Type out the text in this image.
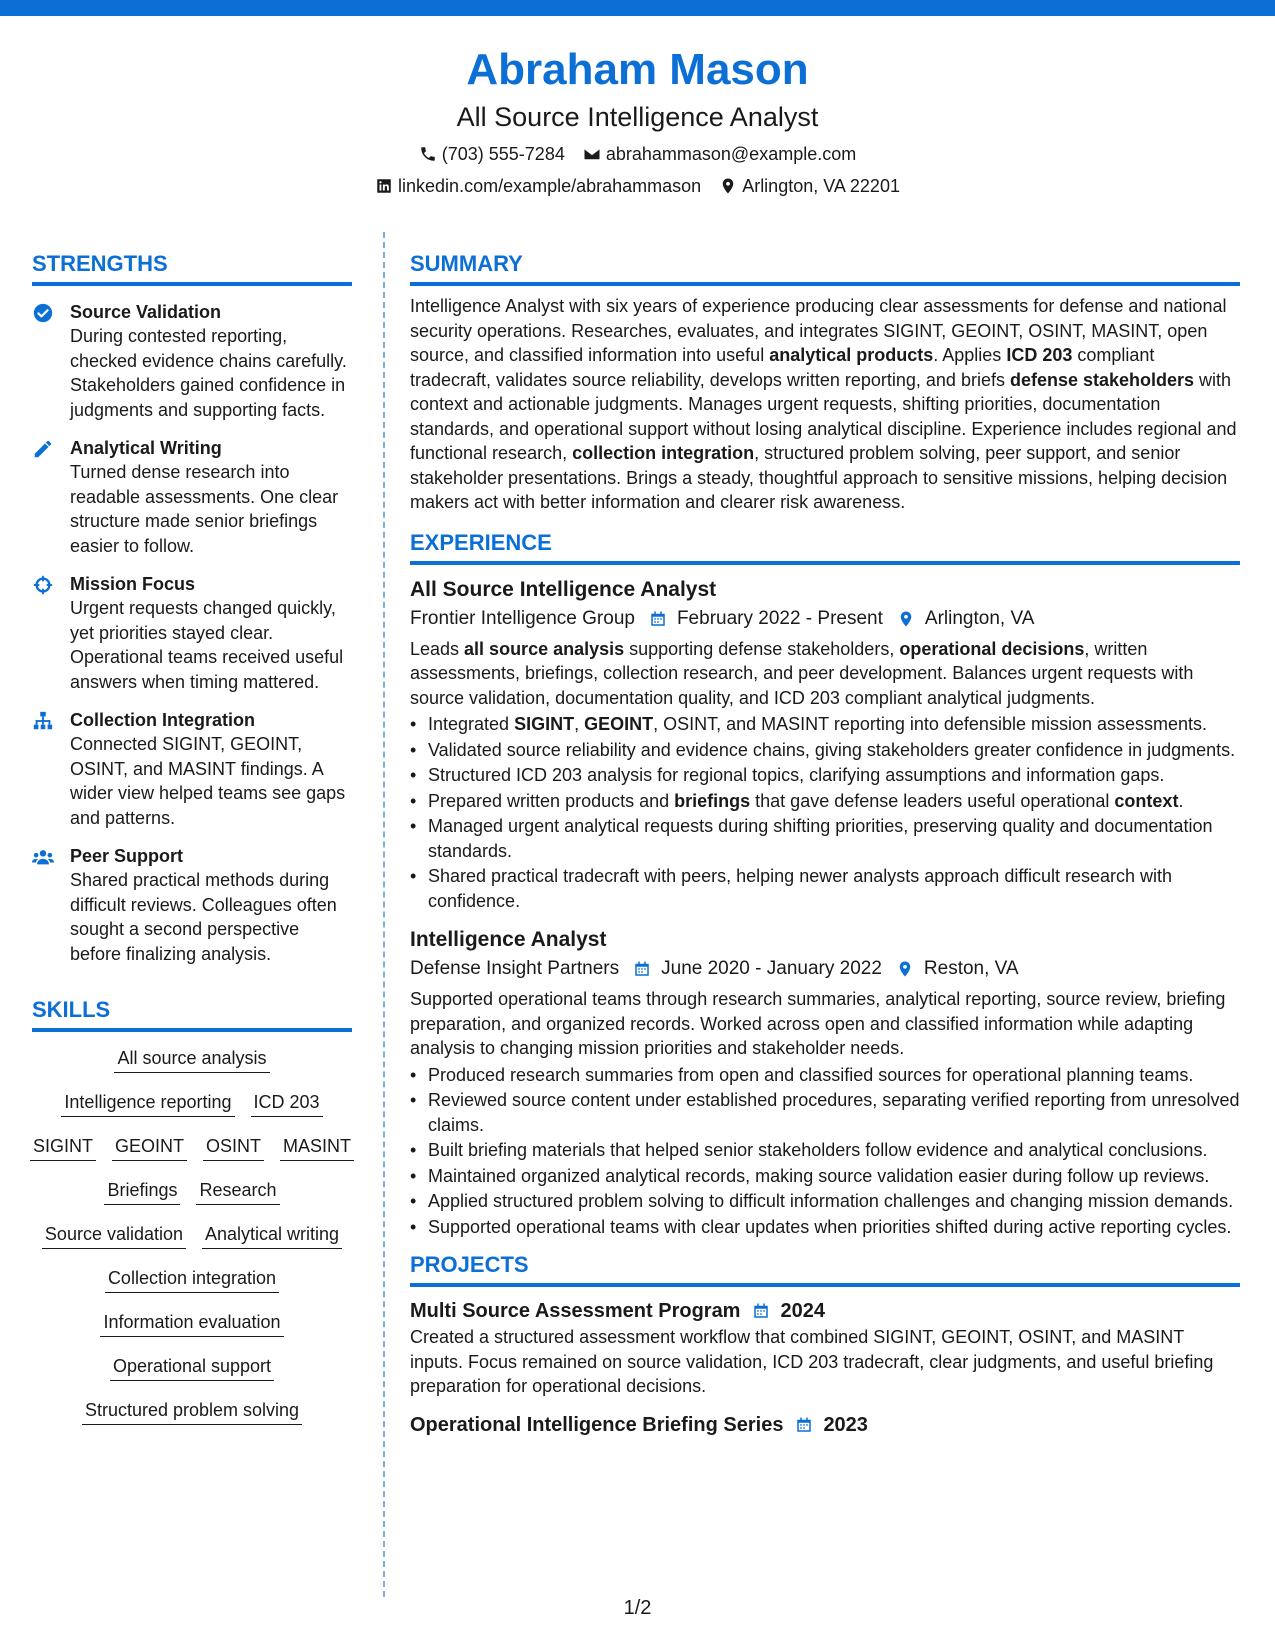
Abraham Mason
All Source Intelligence Analyst
(703) 555-7284 abrahammason@example.com
linkedin.com/example/abrahammason Arlington, VA 22201
STRENGTHS
Source Validation
During contested reporting, checked evidence chains carefully. Stakeholders gained confidence in judgments and supporting facts.
Analytical Writing
Turned dense research into readable assessments. One clear structure made senior briefings easier to follow.
Mission Focus
Urgent requests changed quickly, yet priorities stayed clear. Operational teams received useful answers when timing mattered.
Collection Integration
Connected SIGINT, GEOINT, OSINT, and MASINT findings. A wider view helped teams see gaps and patterns.
Peer Support
Shared practical methods during difficult reviews. Colleagues often sought a second perspective before finalizing analysis.
SKILLS
All source analysis
Intelligence reporting ICD 203
SIGINT GEOINT OSINT MASINT
Briefings Research
Source validation Analytical writing
Collection integration
Information evaluation
Operational support
Structured problem solving
SUMMARY

Intelligence Analyst with six years of experience producing clear assessments for defense and national security operations. Researches, evaluates, and integrates SIGINT, GEOINT, OSINT, MASINT, open source, and classified information into useful analytical products. Applies ICD 203 compliant tradecraft, validates source reliability, develops written reporting, and briefs defense stakeholders with context and actionable judgments. Manages urgent requests, shifting priorities, documentation standards, and operational support without losing analytical discipline. Experience includes regional and functional research, collection integration, structured problem solving, peer support, and senior stakeholder presentations. Brings a steady, thoughtful approach to sensitive missions, helping decision makers act with better information and clearer risk awareness.

EXPERIENCE
All Source Intelligence Analyst
Frontier Intelligence Group February 2022 - Present Arlington, VA

Leads all source analysis supporting defense stakeholders, operational decisions, written assessments, briefings, collection research, and peer development. Balances urgent requests with source validation, documentation quality, and ICD 203 compliant analytical judgments.

• Integrated SIGINT, GEOINT, OSINT, and MASINT reporting into defensible mission assessments.
• Validated source reliability and evidence chains, giving stakeholders greater confidence in judgments.
• Structured ICD 203 analysis for regional topics, clarifying assumptions and information gaps.
• Prepared written products and briefings that gave defense leaders useful operational context.
• Managed urgent analytical requests during shifting priorities, preserving quality and documentation standards.
• Shared practical tradecraft with peers, helping newer analysts approach difficult research with confidence.
Intelligence Analyst
Defense Insight Partners June 2020 - January 2022 Reston, VA

Supported operational teams through research summaries, analytical reporting, source review, briefing preparation, and organized records. Worked across open and classified information while adapting analysis to changing mission priorities and stakeholder needs.

• Produced research summaries from open and classified sources for operational planning teams.
• Reviewed source content under established procedures, separating verified reporting from unresolved claims.
• Built briefing materials that helped senior stakeholders follow evidence and analytical conclusions.
• Maintained organized analytical records, making source validation easier during follow up reviews.
• Applied structured problem solving to difficult information challenges and changing mission demands.
• Supported operational teams with clear updates when priorities shifted during active reporting cycles.
PROJECTS
Multi Source Assessment Program 2024

Created a structured assessment workflow that combined SIGINT, GEOINT, OSINT, and MASINT inputs. Focus remained on source validation, ICD 203 tradecraft, clear judgments, and useful briefing preparation for operational decisions.

Operational Intelligence Briefing Series 2023
1/2
